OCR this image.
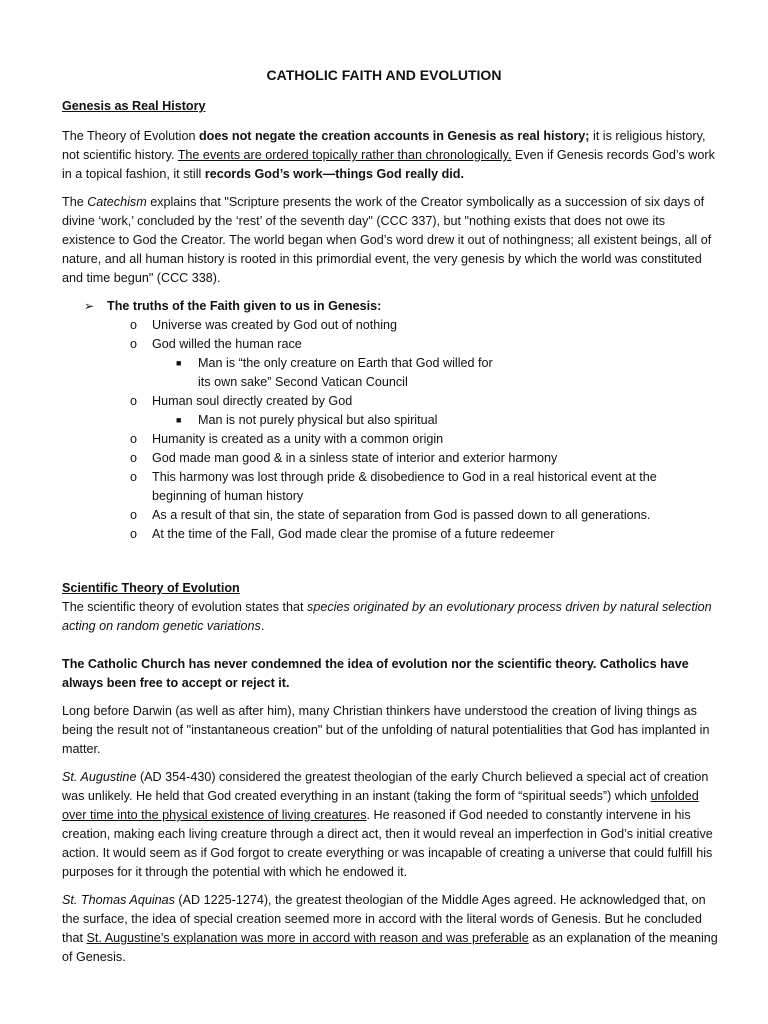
CATHOLIC FAITH AND EVOLUTION
Genesis as Real History

The Theory of Evolution does not negate the creation accounts in Genesis as real history; it is religious history, not scientific history. The events are ordered topically rather than chronologically. Even if Genesis records God’s work in a topical fashion, it still records God’s work—things God really did.

The Catechism explains that "Scripture presents the work of the Creator symbolically as a succession of six days of divine ‘work,’ concluded by the ‘rest’ of the seventh day" (CCC 337), but "nothing exists that does not owe its existence to God the Creator. The world began when God’s word drew it out of nothingness; all existent beings, all of nature, and all human history is rooted in this primordial event, the very genesis by which the world was constituted and time begun" (CCC 338).

➢	The truths of the Faith given to us in Genesis:
o Universe was created by God out of nothing
o God willed the human race
■ Man is “the only creature on Earth that God willed for
its own sake” Second Vatican Council
o Human soul directly created by God
■ Man is not purely physical but also spiritual
o Humanity is created as a unity with a common origin
o God made man good & in a sinless state of interior and exterior harmony
o This harmony was lost through pride & disobedience to God in a real historical event at the
beginning of human history
o As a result of that sin, the state of separation from God is passed down to all generations.
o At the time of the Fall, God made clear the promise of a future redeemer
Scientific Theory of Evolution

The scientific theory of evolution states that species originated by an evolutionary process driven by natural selection acting on random genetic variations.

The Catholic Church has never condemned the idea of evolution nor the scientific theory. Catholics have always been free to accept or reject it.

Long before Darwin (as well as after him), many Christian thinkers have understood the creation of living things as being the result not of "instantaneous creation" but of the unfolding of natural potentialities that God has implanted in matter.

St. Augustine (AD 354-430) considered the greatest theologian of the early Church believed a special act of creation was unlikely. He held that God created everything in an instant (taking the form of “spiritual seeds”) which unfolded over time into the physical existence of living creatures. He reasoned if God needed to constantly intervene in his creation, making each living creature through a direct act, then it would reveal an imperfection in God’s initial creative action. It would seem as if God forgot to create everything or was incapable of creating a universe that could fulfill his purposes for it through the potential with which he endowed it.

St. Thomas Aquinas (AD 1225-1274), the greatest theologian of the Middle Ages agreed. He acknowledged that, on the surface, the idea of special creation seemed more in accord with the literal words of Genesis. But he concluded that St. Augustine’s explanation was more in accord with reason and was preferable as an explanation of the meaning of Genesis.
